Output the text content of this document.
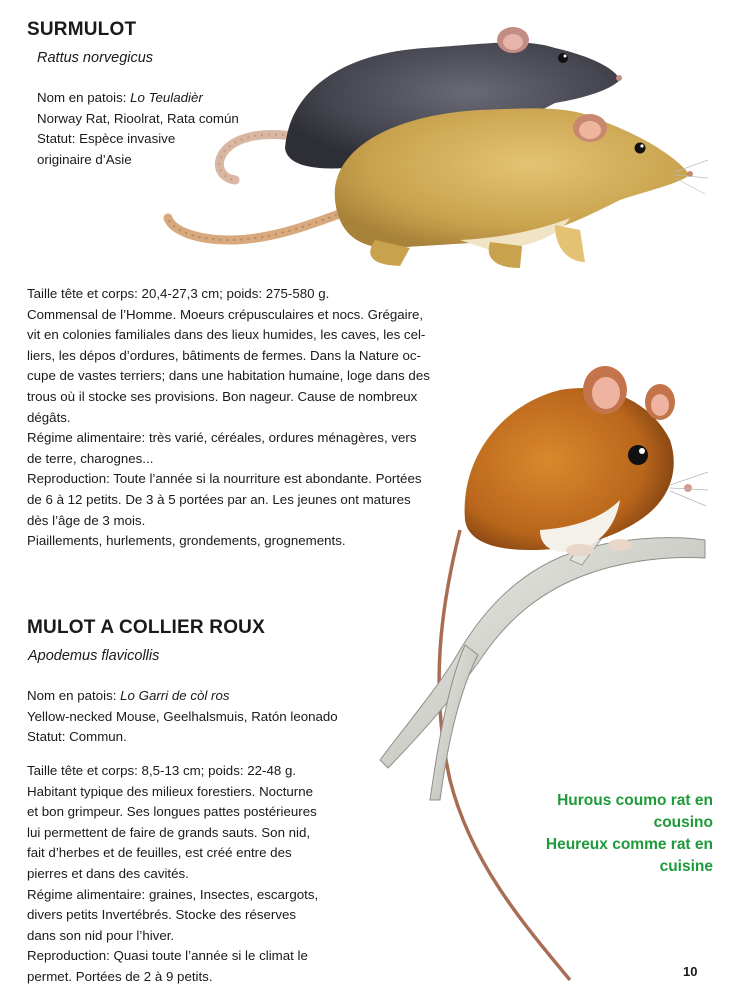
SURMULOT
Rattus norvegicus
Nom en patois: Lo Teuladièr
Norway Rat, Rioolrat, Rata común
Statut: Espèce invasive
originaire d’Asie
Taille tête et corps: 20,4-27,3 cm; poids: 275-580 g.
Commensal de l’Homme. Moeurs crépusculaires et nocs. Grégaire,
vit en colonies familiales dans des lieux humides, les caves, les cel-
liers, les dépos d’ordures, bâtiments de fermes. Dans la Nature oc-
cupe de vastes terriers; dans une habitation humaine, loge dans des
trous où il stocke ses provisions. Bon nageur. Cause de nombreux
dégâts.
Régime alimentaire: très varié, céréales, ordures ménagères, vers
de terre, charognes...
Reproduction: Toute l’année si la nourriture est abondante. Portées
de 6 à 12 petits. De 3 à 5 portées par an. Les jeunes ont matures
dès l’âge de 3 mois.
Piaillements, hurlements, grondements, grognements.
MULOT A COLLIER ROUX
Apodemus flavicollis
Nom en patois: Lo Garri de còl ros
Yellow-necked Mouse, Geelhalsmuis, Ratón leonado
Statut: Commun.
Taille tête et corps: 8,5-13 cm; poids: 22-48 g.
Habitant typique des milieux forestiers. Nocturne
et bon grimpeur. Ses longues pattes postérieures
lui permettent de faire de grands sauts. Son nid,
fait d’herbes et de feuilles, est créé entre des
pierres et dans des cavités.
Régime alimentaire: graines, Insectes, escargots,
divers petits Invertébrés. Stocke des réserves
dans son nid pour l’hiver.
Reproduction: Quasi toute l’année si le climat le
permet. Portées de 2 à 9 petits.
Hurous coumo rat en
cousino
Heureux comme rat en
cuisine
10
